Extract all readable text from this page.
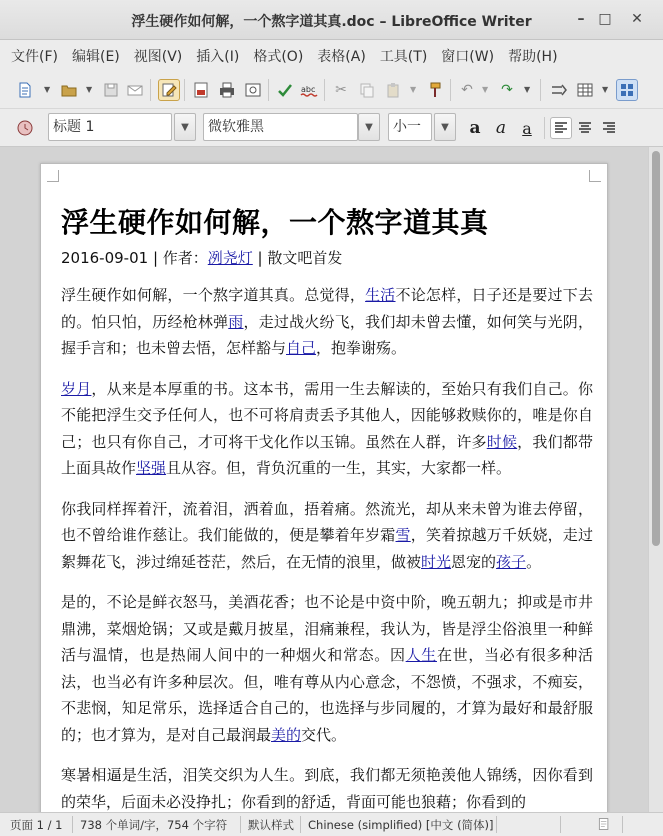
浮生硬作如何解，一个熬字道其真.doc – LibreOffice Writer	– □ ✕
文件(F)	编辑(E)	视图(V)	插入(I)	格式(O)	表格(A)	工具(T)	窗口(W)	帮助(H)
▼	▼	abc	✂	▼	↶	▼ ↷	▼	▼
标题 1	▼	微软雅黑	▼	小一	▼	a a	a
浮生硬作如何解，一个熬字道其真
2016-09-01 | 作者：冽尧灯 | 散文吧首发
浮生硬作如何解，一个熬字道其真。总觉得，生活不论怎样，日子还是要过下去的。怕只怕，历经枪林弹雨，走过战火纷飞，我们却未曾去懂，如何笑与光阴，握手言和；也未曾去悟，怎样豁与自己，抱拳谢殇。
岁月，从来是本厚重的书。这本书，需用一生去解读的，至始只有我们自己。你不能把浮生交予任何人，也不可将肩责丢予其他人，因能够救赎你的，唯是你自己；也只有你自己，才可将干戈化作以玉锦。虽然在人群，许多时候，我们都带上面具故作坚强且从容。但，背负沉重的一生，其实，大家都一样。
你我同样挥着汗，流着泪，洒着血，捂着痛。然流光，却从来未曾为谁去停留，也不曾给谁作慈让。我们能做的，便是攀着年岁霜雪，笑着掠越万千妖娆，走过絮舞花飞，涉过绵延苍茫，然后，在无情的浪里，做被时光恩宠的孩子。
是的，不论是鲜衣怒马，美酒花香；也不论是中资中阶，晚五朝九；抑或是市井鼎沸，菜烟炝锅；又或是戴月披星，泪痛兼程，我认为，皆是浮尘俗浪里一种鲜活与温情，也是热闹人间中的一种烟火和常态。因人生在世，当必有很多种活法，也当必有许多种层次。但，唯有尊从内心意念，不怨愤，不强求，不痴妄，不悲悯，知足常乐，选择适合自己的，也选择与步同履的，才算为最好和最舒服的；也才算为，是对自己最润最美的交代。
寒暑相逼是生活，泪笑交织为人生。到底，我们都无须艳羡他人锦绣，因你看到的荣华，后面未必没挣扎；你看到的舒适，背面可能也狼藉；你看到的
页面 1 / 1 738 个单词/字，754 个字符 默认样式 Chinese (simplified) [中文 (简体)]
